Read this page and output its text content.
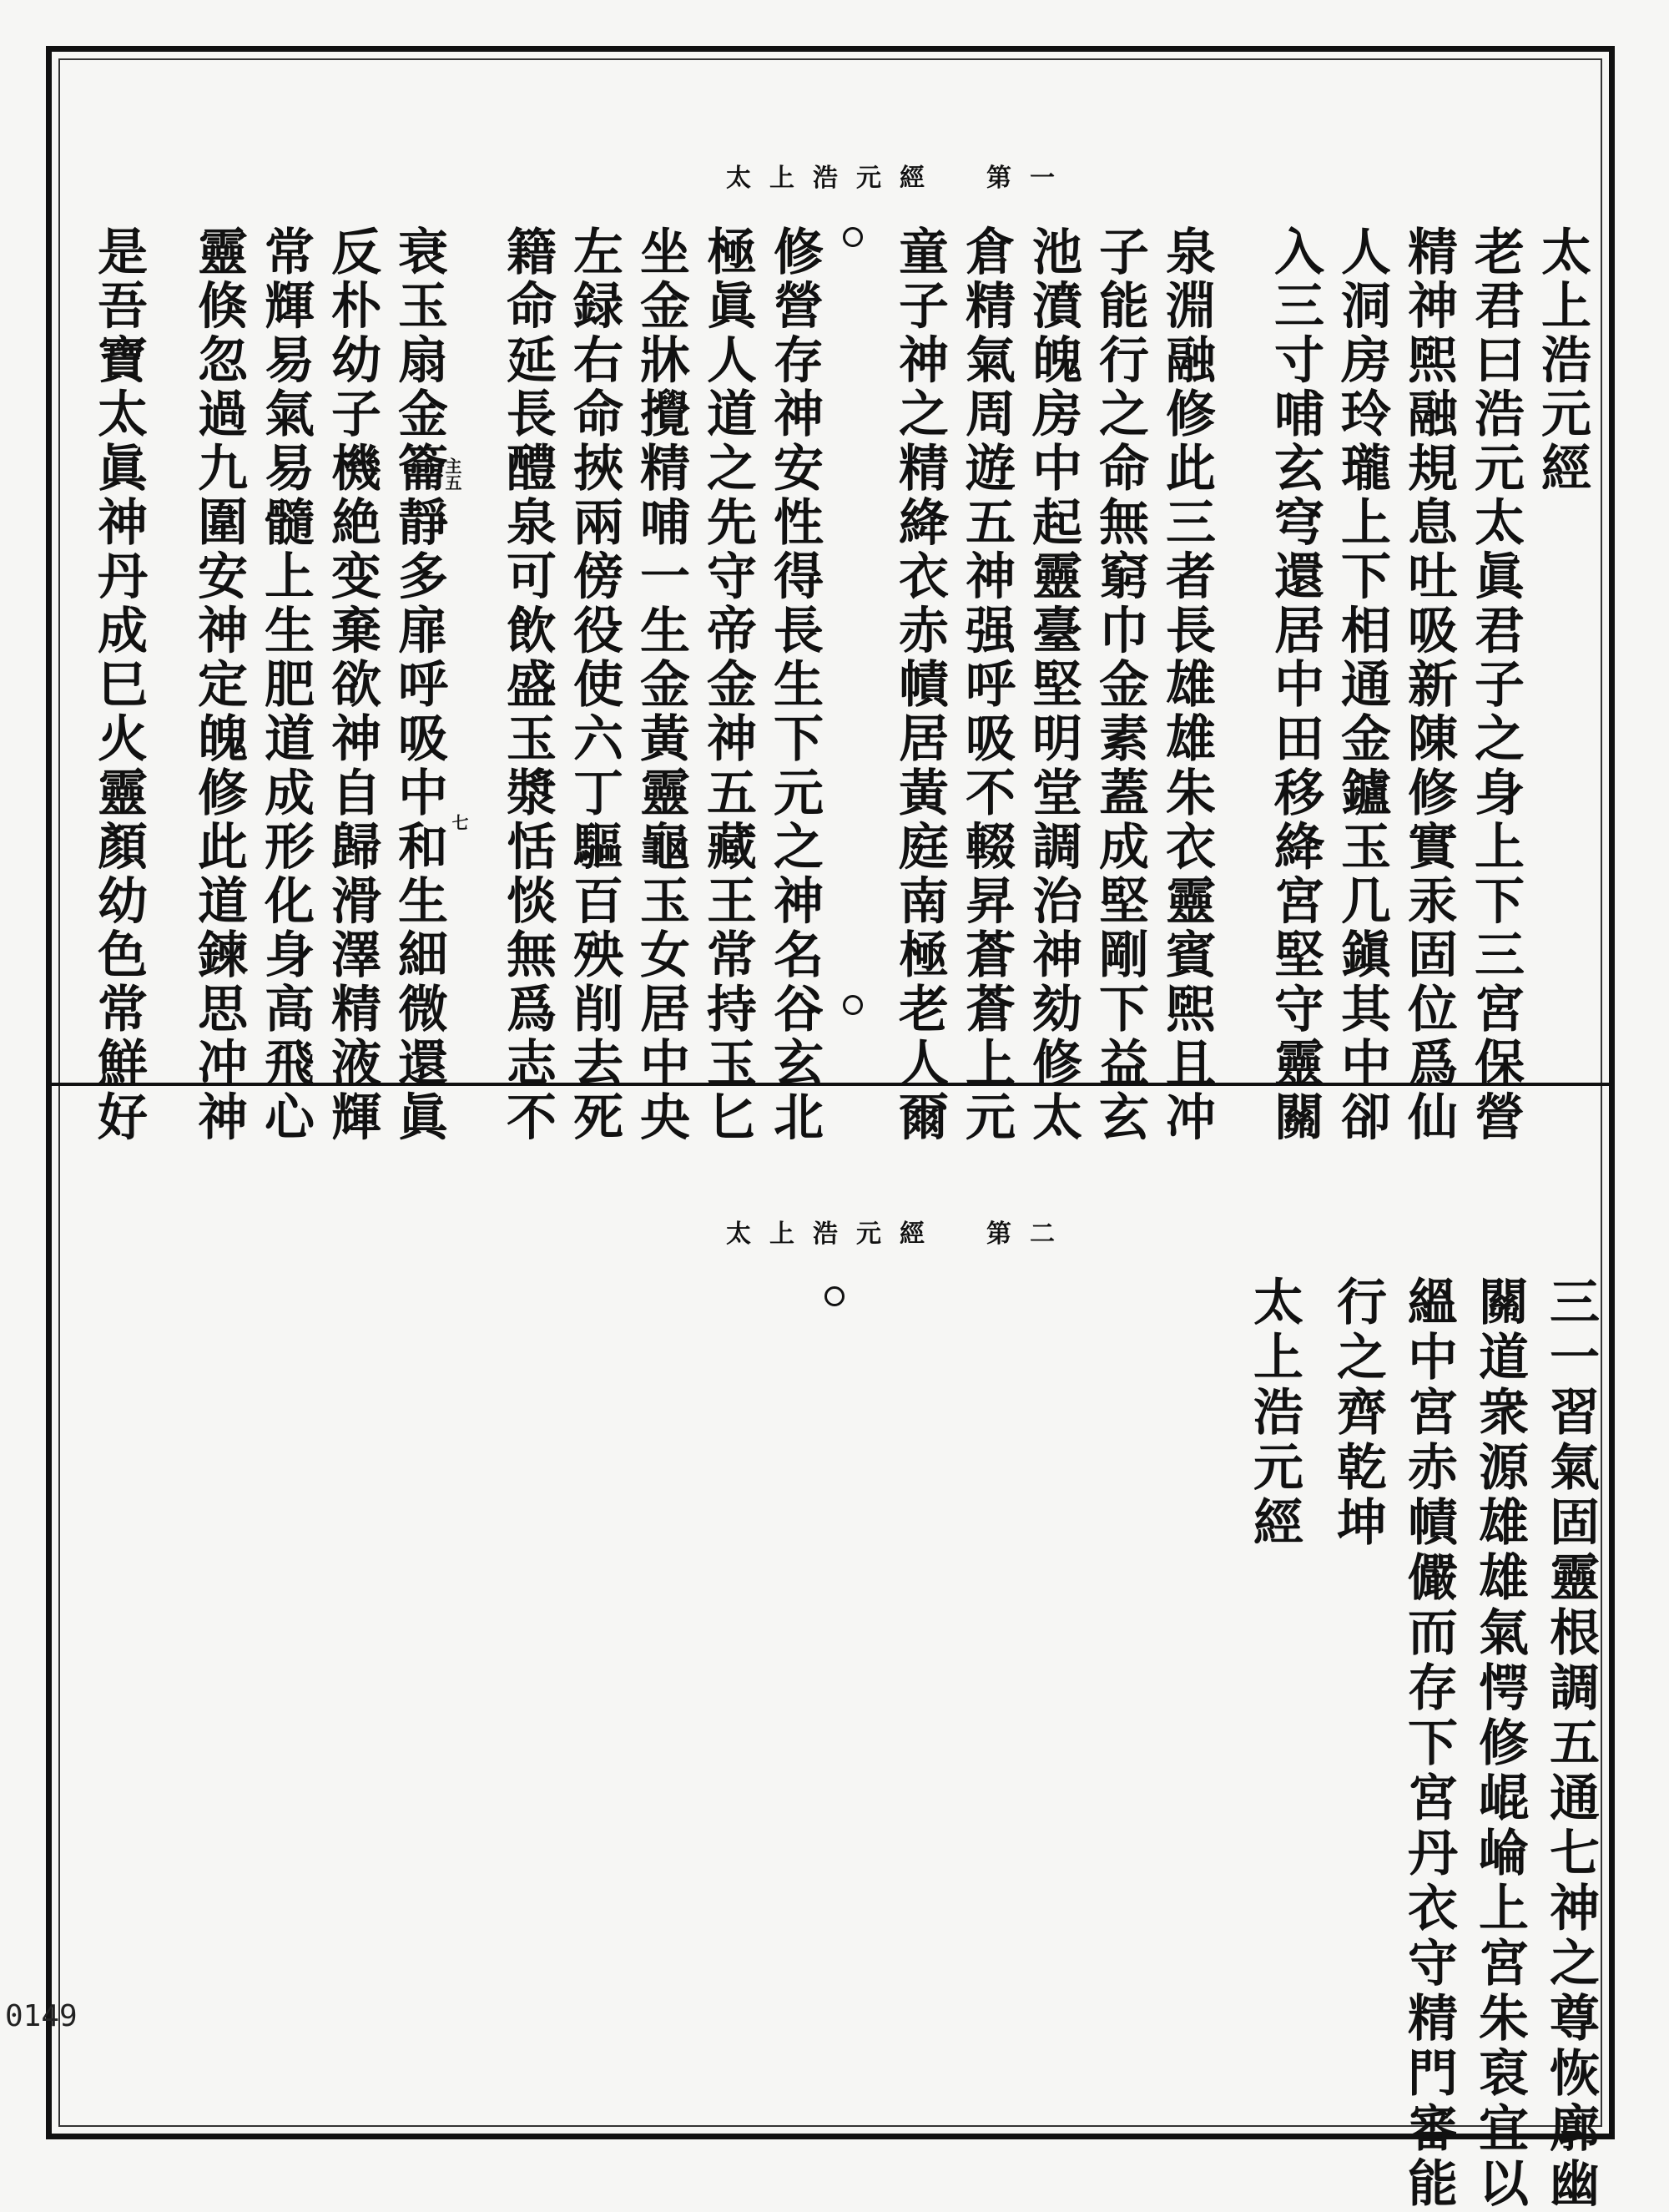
太上浩元經　第一
太上浩元經
老君曰浩元太眞君子之身上下三宮保營
精神煕融規息吐吸新陳修實汞固位爲仙
人洞房玲瓏上下相通金鑪玉几鎭其中卻
入三寸哺玄穹還居中田移絳宮堅守靈關
泉淵融修此三者長雄雄朱衣靈賓煕且冲
子能行之命無窮巾金素蓋成堅剛下益玄
池濆魄房中起靈臺堅明堂調治神劾修太
倉精氣周遊五神强呼吸不輟昇蒼蒼上元
童子神之精絳衣赤幘居黃庭南極老人爾
修營存神安性得長生下元之神名谷玄北
極眞人道之先守帝金神五藏王常持玉匕
坐金牀攪精哺一生金黃靈龜玉女居中央
左録右命挾兩傍役使六丁驅百殃削去死
籍命延長醴泉可飲盛玉漿恬惔無爲志不
衰玉扇金籥靜多扉呼吸中和生細微還眞
反朴幼子機絶变棄欲神自歸滑澤精液輝
常輝易氣易髓上生肥道成形化身高飛心
靈倏忽過九圍安神定魄修此道鍊思冲神
是吾寶太眞神丹成巳火靈顏幼色常鮮好	七
主五
太上浩元經　第二
三一習氣固靈根調五通七神之尊恢廓幽
關道衆源雄雄氣愕修崐崘上宮朱裒宜以
縕中宮赤幘儼而存下宮丹衣守精門審能
行之齊乾坤
太上浩元經
0149
